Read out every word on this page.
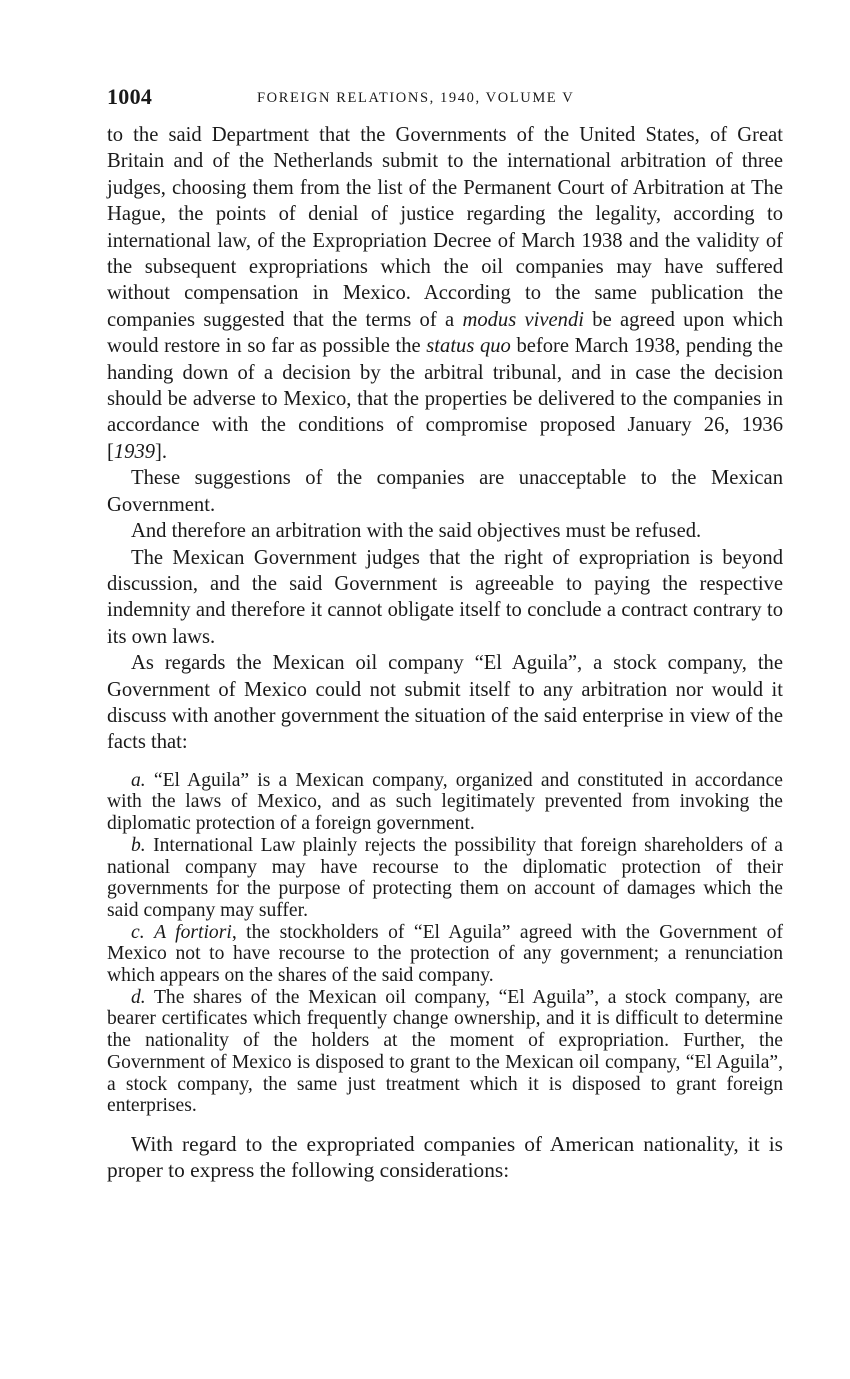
1004	FOREIGN RELATIONS, 1940, VOLUME V

to the said Department that the Governments of the United States, of Great Britain and of the Netherlands submit to the international arbitration of three judges, choosing them from the list of the Permanent Court of Arbitration at The Hague, the points of denial of justice regarding the legality, according to international law, of the Expropriation Decree of March 1938 and the validity of the subsequent expropriations which the oil companies may have suffered without compensation in Mexico. According to the same publication the companies suggested that the terms of a modus vivendi be agreed upon which would restore in so far as possible the status quo before March 1938, pending the handing down of a decision by the arbitral tribunal, and in case the decision should be adverse to Mexico, that the properties be delivered to the companies in accordance with the conditions of compromise proposed January 26, 1936 [1939].

These suggestions of the companies are unacceptable to the Mexican Government.

And therefore an arbitration with the said objectives must be refused.

The Mexican Government judges that the right of expropriation is beyond discussion, and the said Government is agreeable to paying the respective indemnity and therefore it cannot obligate itself to conclude a contract contrary to its own laws.

As regards the Mexican oil company “El Aguila”, a stock company, the Government of Mexico could not submit itself to any arbitration nor would it discuss with another government the situation of the said enterprise in view of the facts that:

a. “El Aguila” is a Mexican company, organized and constituted in accordance with the laws of Mexico, and as such legitimately prevented from invoking the diplomatic protection of a foreign government.

b. International Law plainly rejects the possibility that foreign shareholders of a national company may have recourse to the diplomatic protection of their governments for the purpose of protecting them on account of damages which the said company may suffer.

c. A fortiori, the stockholders of “El Aguila” agreed with the Government of Mexico not to have recourse to the protection of any government; a renunciation which appears on the shares of the said company.

d. The shares of the Mexican oil company, “El Aguila”, a stock company, are bearer certificates which frequently change ownership, and it is difficult to determine the nationality of the holders at the moment of expropriation. Further, the Government of Mexico is disposed to grant to the Mexican oil company, “El Aguila”, a stock company, the same just treatment which it is disposed to grant foreign enterprises.

With regard to the expropriated companies of American nationality, it is proper to express the following considerations:
